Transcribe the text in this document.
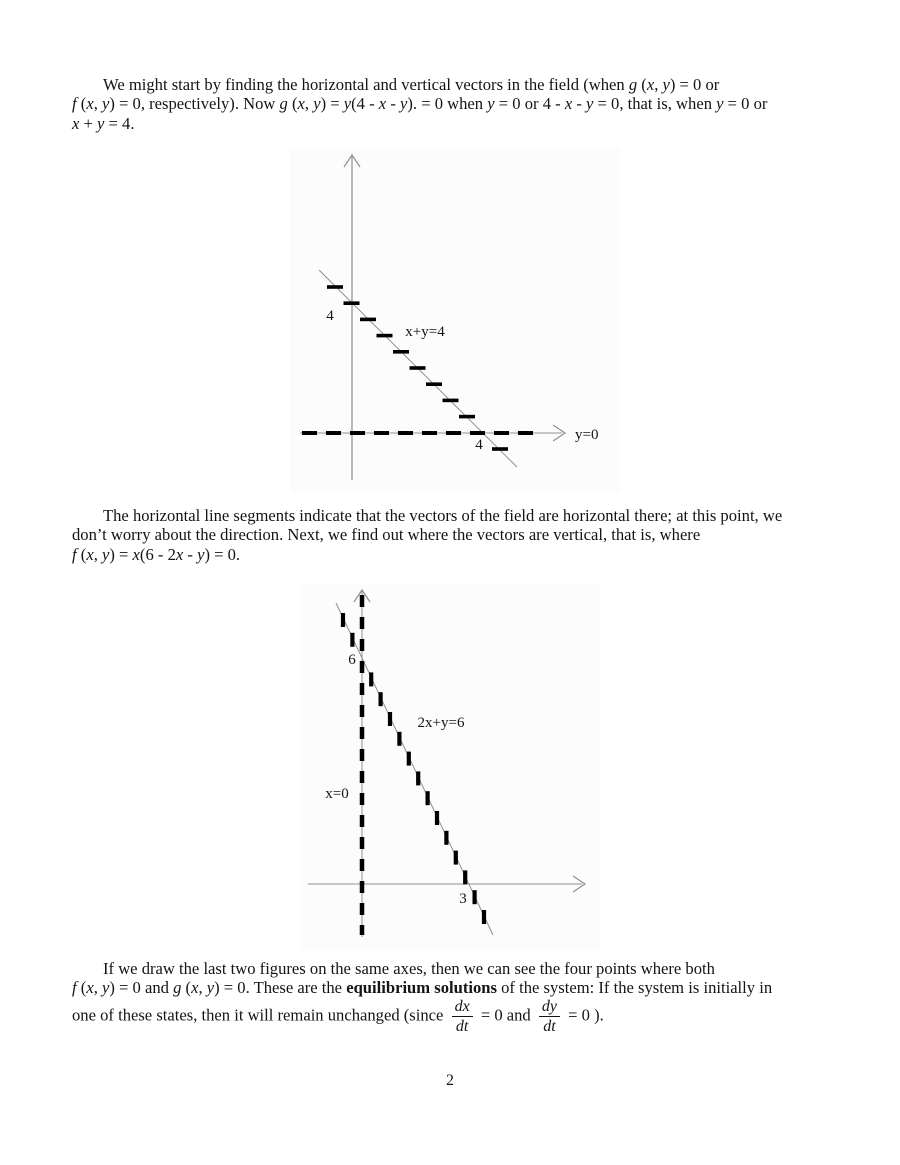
We might start by finding the horizontal and vertical vectors in the field (when g (x, y) = 0 or
f (x, y) = 0, respectively). Now g (x, y) = y(4 - x - y). = 0 when y = 0 or 4 - x - y = 0, that is, when y = 0 or
x + y = 4.
4
x+y=4
4
y=0
The horizontal line segments indicate that the vectors of the field are horizontal there; at this point, we
don’t worry about the direction. Next, we find out where the vectors are vertical, that is, where
f (x, y) = x(6 - 2x - y) = 0.
6
2x+y=6
x=0
3
If we draw the last two figures on the same axes, then we can see the four points where both
f (x, y) = 0 and g (x, y) = 0. These are the equilibrium solutions of the system: If the system is initially in
one of these states, then it will remain unchanged (since $\frac{dx}{dt} = 0$ and $\frac{dy}{dt} = 0$ ).
2
